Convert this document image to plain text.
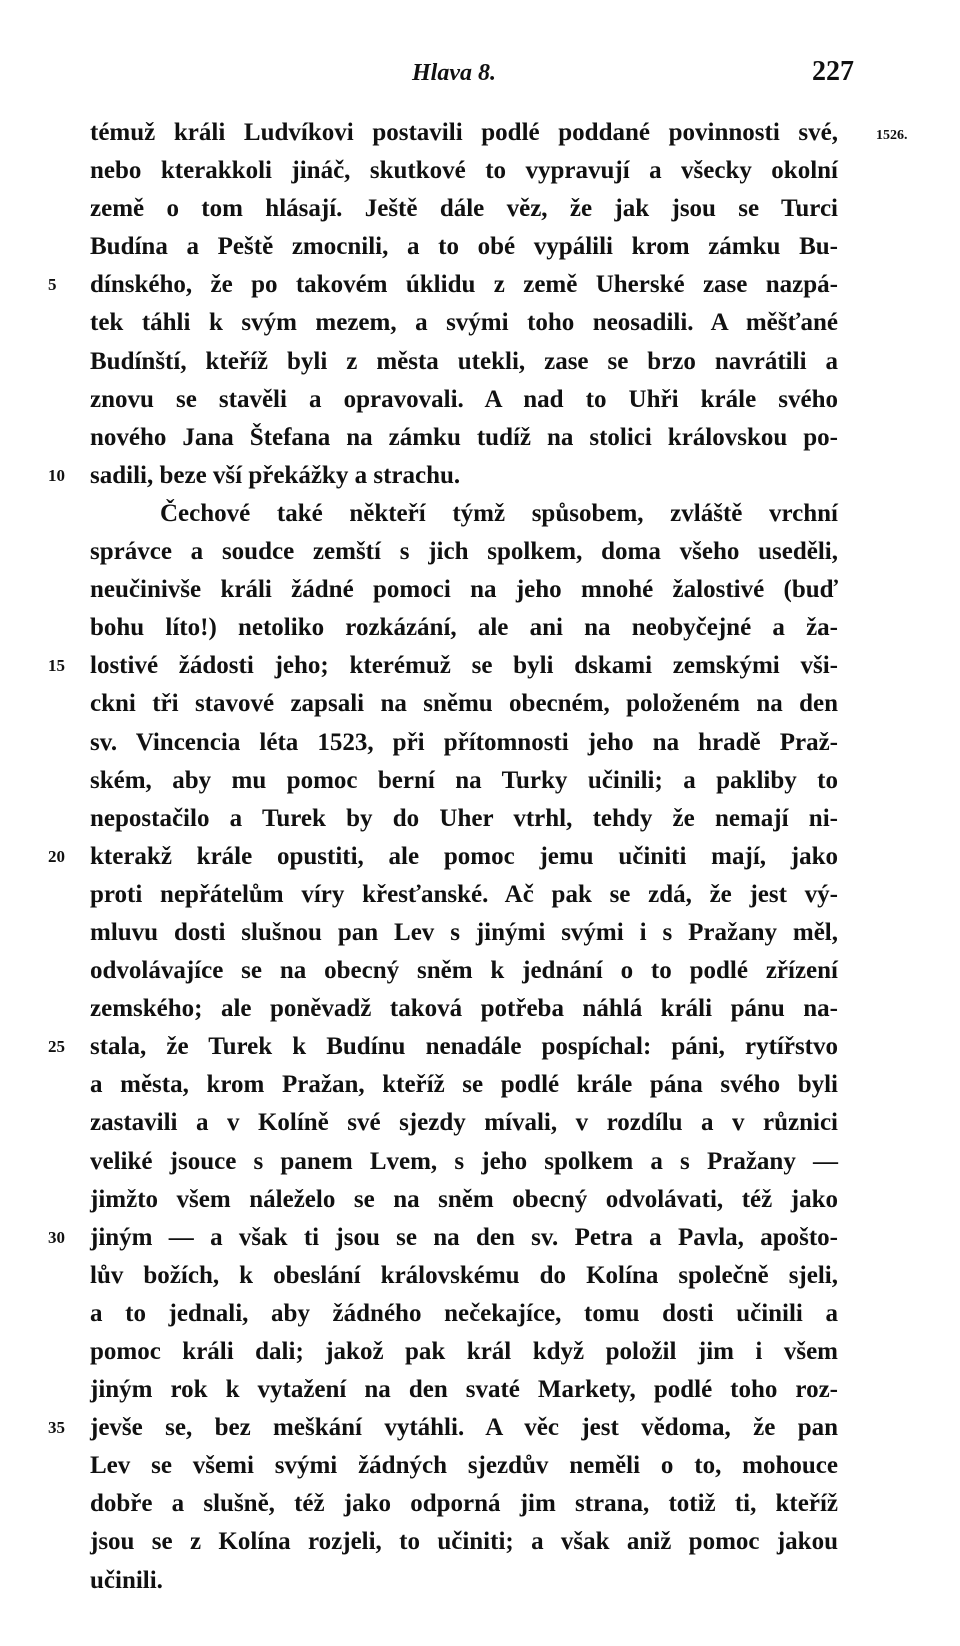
Hlava 8.	227
1526.
témuž králi Ludvíkovi postavili podlé poddané povinnosti své,
nebo kterakkoli jináč, skutkové to vypravují a všecky okolní
země o tom hlásají. Ještě dále věz, že jak jsou se Turci
Budína a Peště zmocnili, a to obé vypálili krom zámku Bu-
5	dínského, že po takovém úklidu z země Uherské zase nazpá-
tek táhli k svým mezem, a svými toho neosadili. A měšťané
Budínští, kteříž byli z města utekli, zase se brzo navrátili a
znovu se stavěli a opravovali. A nad to Uhři krále svého
nového Jana Štefana na zámku tudíž na stolici královskou po-
10	sadili, beze vší překážky a strachu.
Čechové také někteří týmž spůsobem, zvláště vrchní
správce a soudce zemští s jich spolkem, doma všeho useděli,
neučinivše králi žádné pomoci na jeho mnohé žalostivé (buď
bohu líto!) netoliko rozkázání, ale ani na neobyčejné a ža-
15	lostivé žádosti jeho; kterémuž se byli dskami zemskými vši-
ckni tři stavové zapsali na sněmu obecném, položeném na den
sv. Vincencia léta 1523, při přítomnosti jeho na hradě Praž-
ském, aby mu pomoc berní na Turky učinili; a pakliby to
nepostačilo a Turek by do Uher vtrhl, tehdy že nemají ni-
20	kterakž krále opustiti, ale pomoc jemu učiniti mají, jako
proti nepřátelům víry křesťanské. Ač pak se zdá, že jest vý-
mluvu dosti slušnou pan Lev s jinými svými i s Pražany měl,
odvolávajíce se na obecný sněm k jednání o to podlé zřízení
zemského; ale poněvadž taková potřeba náhlá králi pánu na-
25	stala, že Turek k Budínu nenadále pospíchal: páni, rytířstvo
a města, krom Pražan, kteříž se podlé krále pána svého byli
zastavili a v Kolíně své sjezdy mívali, v rozdílu a v různici
veliké jsouce s panem Lvem, s jeho spolkem a s Pražany —
jimžto všem náleželo se na sněm obecný odvolávati, též jako
30	jiným — a však ti jsou se na den sv. Petra a Pavla, apošto-
lův božích, k obeslání královskému do Kolína společně sjeli,
a to jednali, aby žádného nečekajíce, tomu dosti učinili a
pomoc králi dali; jakož pak král když položil jim i všem
jiným rok k vytažení na den svaté Markety, podlé toho roz-
35	jevše se, bez meškání vytáhli. A věc jest vědoma, že pan
Lev se všemi svými žádných sjezdův neměli o to, mohouce
dobře a slušně, též jako odporná jim strana, totiž ti, kteříž
jsou se z Kolína rozjeli, to učiniti; a však aniž pomoc jakou
učinili.
